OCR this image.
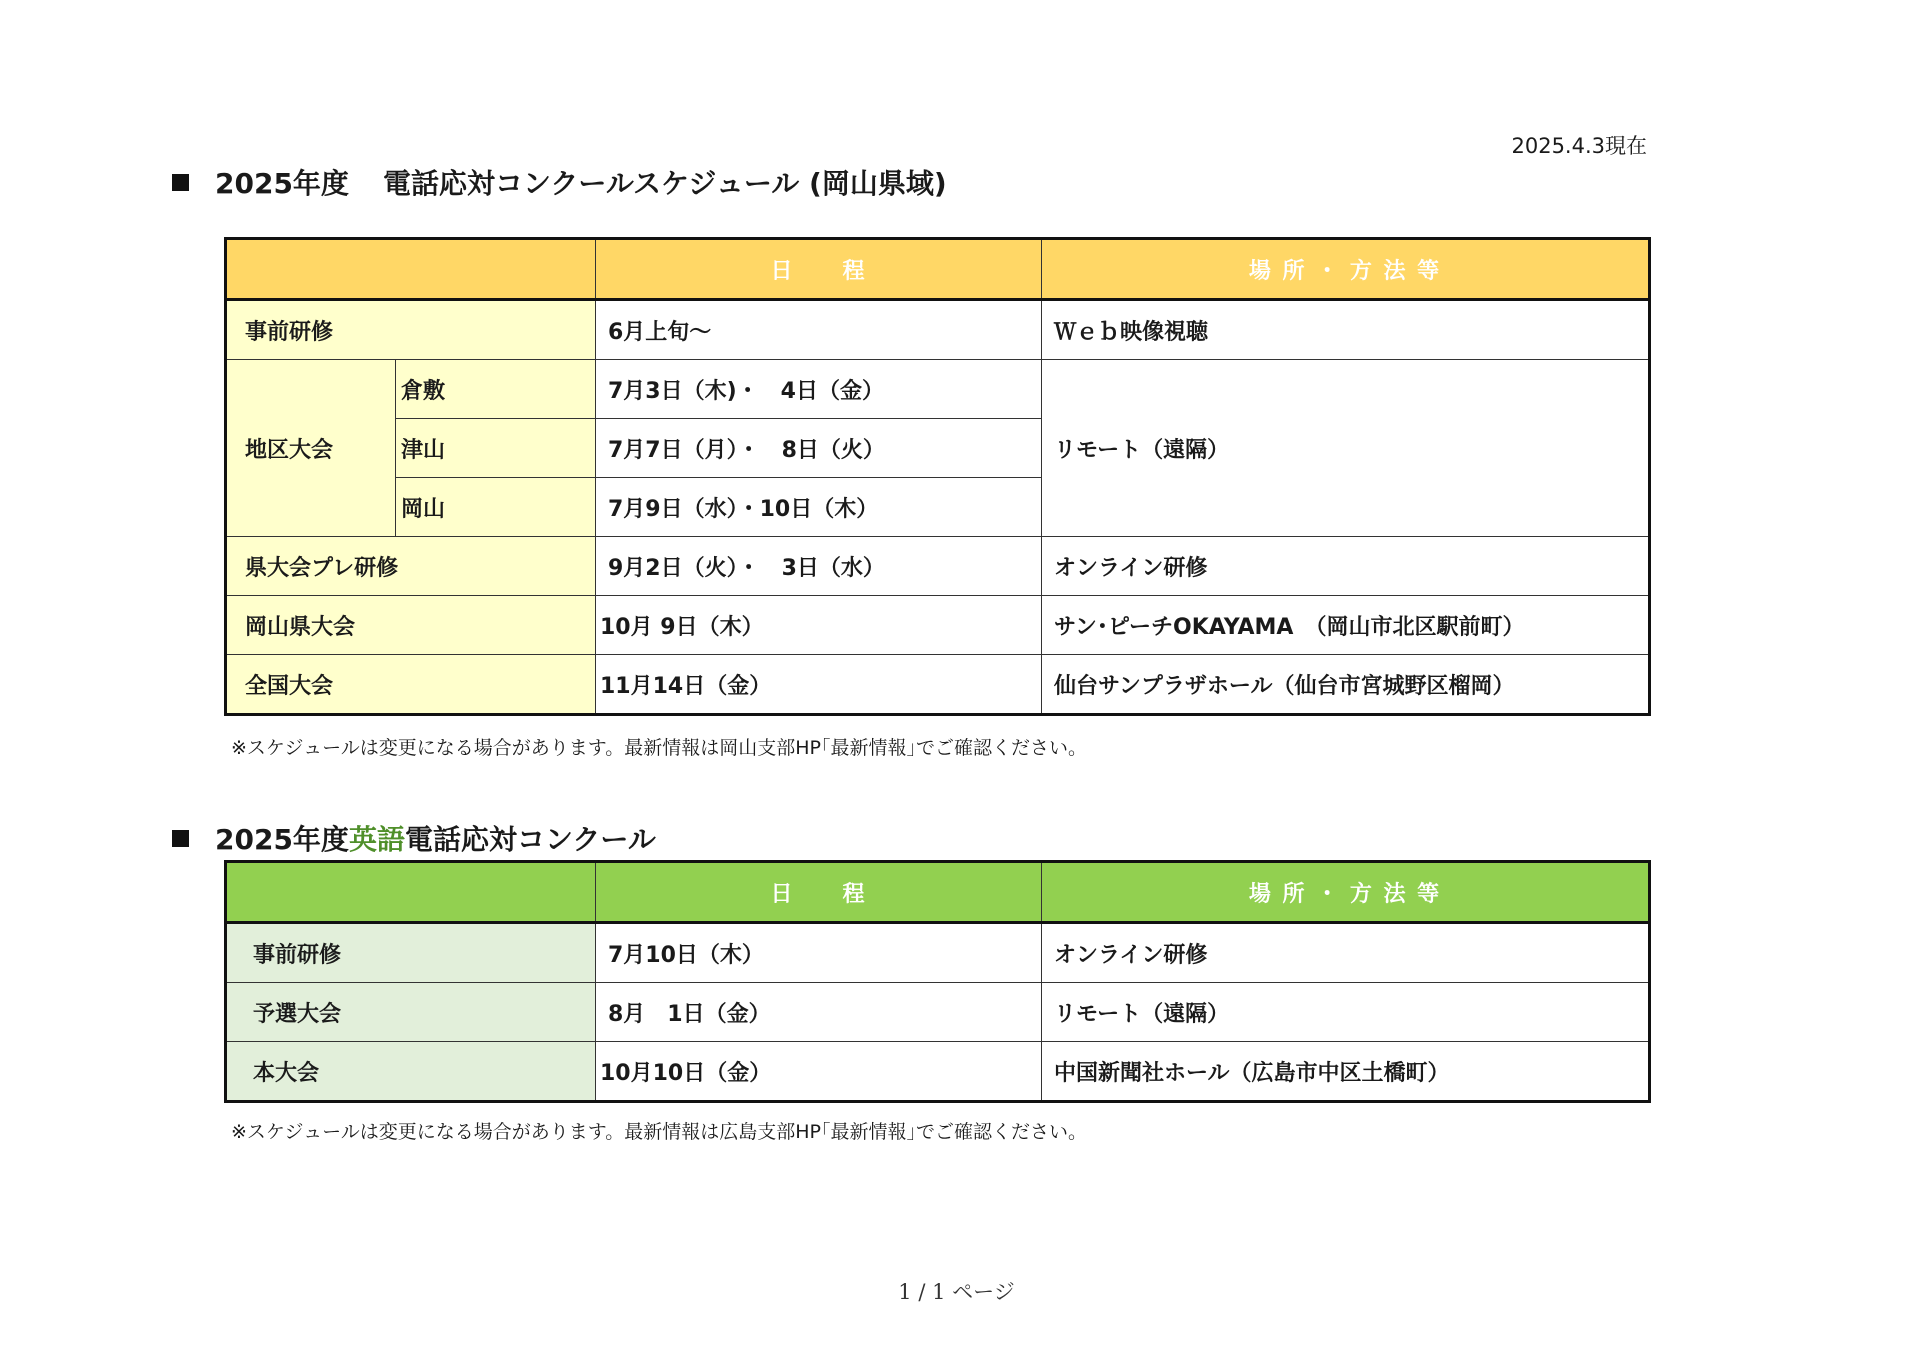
2025.4.3現在
2025年度 電話応対コンクールスケジュール (岡山県域)
		日　　程	場 所 ・ 方 法 等
事前研修		6月上旬～	Ｗｅｂ映像視聴
地区大会	倉敷	7月3日（木)・　4日（金）	リモート（遠隔）
	津山	7月7日（月）・　8日（火）	
	岡山	7月9日（水）・10日（木）	
県大会プレ研修		9月2日（火）・　3日（水）	オンライン研修
岡山県大会		10月 9日（木）	サン･ピーチOKAYAMA　（岡山市北区駅前町）
全国大会		11月14日（金）	仙台サンプラザホール（仙台市宮城野区榴岡）
※スケジュールは変更になる場合があります。最新情報は岡山支部HP｢最新情報｣でご確認ください。
2025年度英語電話応対コンクール
	日　　程	場 所 ・ 方 法 等
事前研修	7月10日（木）	オンライン研修
予選大会	8月　1日（金）	リモート（遠隔）
本大会	10月10日（金）	中国新聞社ホール（広島市中区土橋町）
※スケジュールは変更になる場合があります。最新情報は広島支部HP｢最新情報｣でご確認ください。
1 / 1 ページ
